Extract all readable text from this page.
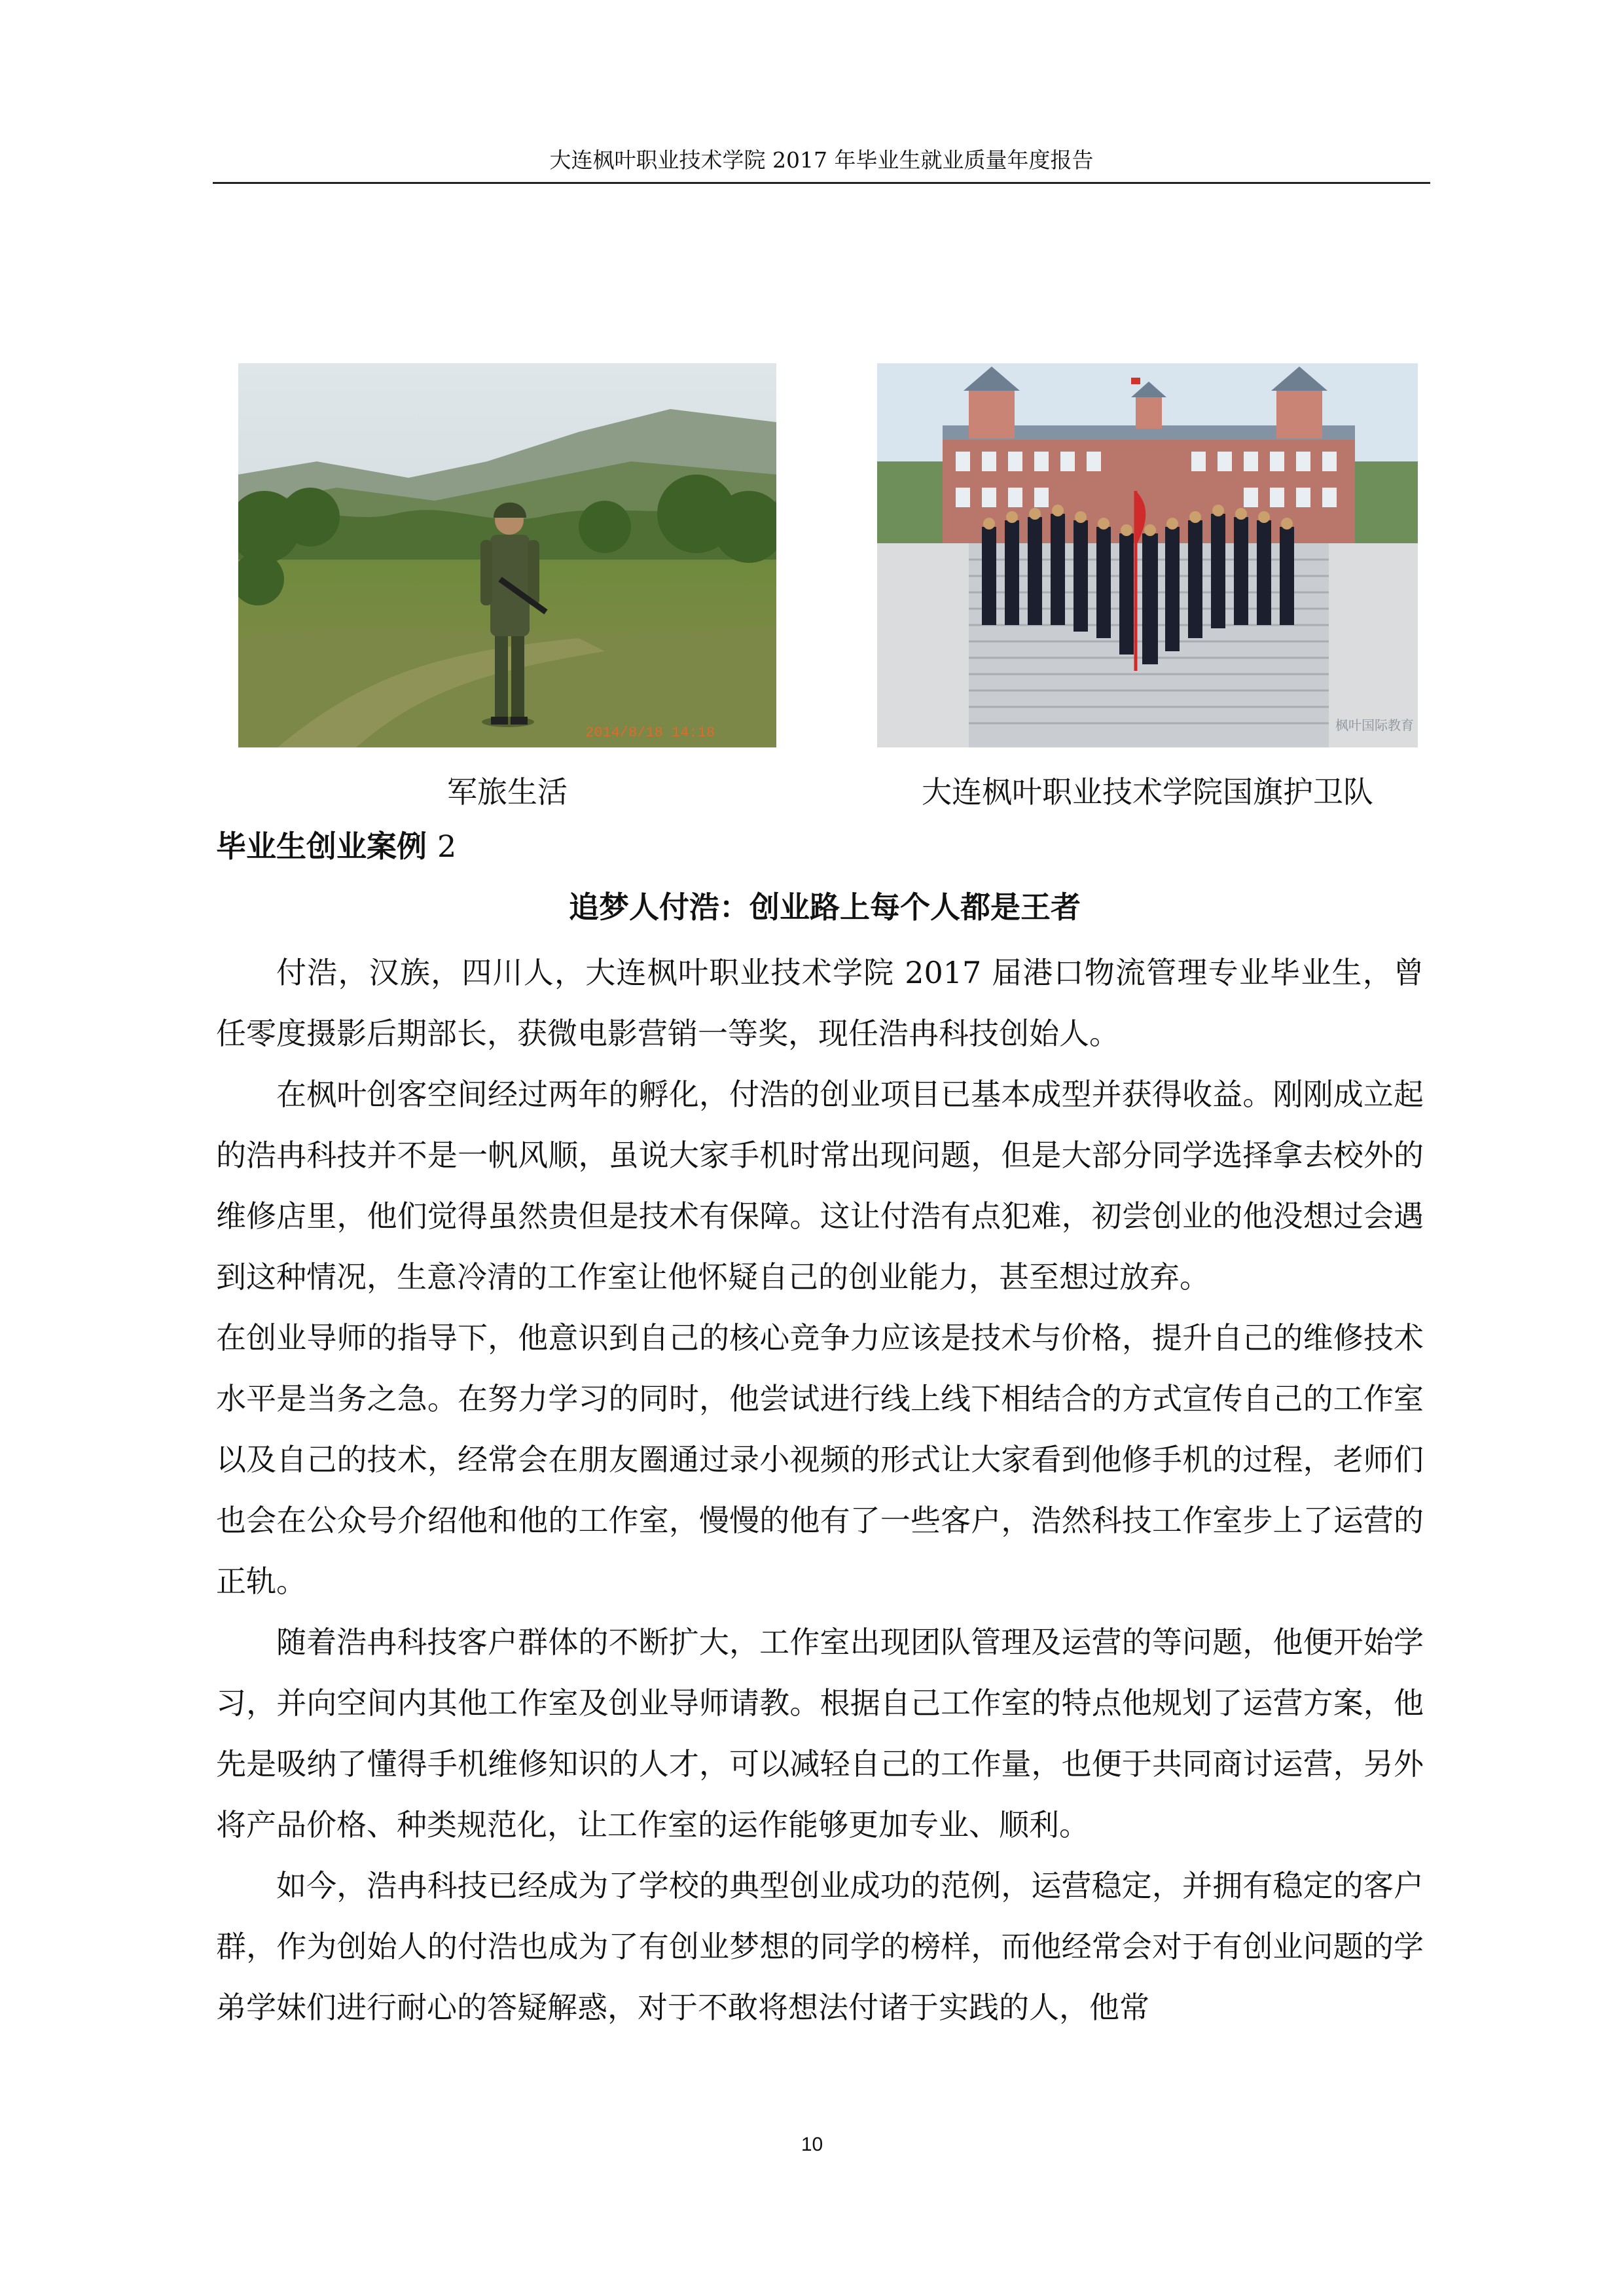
大连枫叶职业技术学院 2017 年毕业生就业质量年度报告
2014/8/18 14:18	枫叶国际教育
军旅生活	大连枫叶职业技术学院国旗护卫队
毕业生创业案例 2
追梦人付浩：创业路上每个人都是王者

付浩，汉族，四川人，大连枫叶职业技术学院 2017 届港口物流管理专业毕业生，曾任零度摄影后期部长，获微电影营销一等奖，现任浩冉科技创始人。

在枫叶创客空间经过两年的孵化，付浩的创业项目已基本成型并获得收益。刚刚成立起的浩冉科技并不是一帆风顺，虽说大家手机时常出现问题，但是大部分同学选择拿去校外的维修店里，他们觉得虽然贵但是技术有保障。这让付浩有点犯难，初尝创业的他没想过会遇到这种情况，生意冷清的工作室让他怀疑自己的创业能力，甚至想过放弃。

在创业导师的指导下，他意识到自己的核心竞争力应该是技术与价格，提升自己的维修技术水平是当务之急。在努力学习的同时，他尝试进行线上线下相结合的方式宣传自己的工作室以及自己的技术，经常会在朋友圈通过录小视频的形式让大家看到他修手机的过程，老师们也会在公众号介绍他和他的工作室，慢慢的他有了一些客户，浩然科技工作室步上了运营的正轨。

随着浩冉科技客户群体的不断扩大，工作室出现团队管理及运营的等问题，他便开始学习，并向空间内其他工作室及创业导师请教。根据自己工作室的特点他规划了运营方案，他先是吸纳了懂得手机维修知识的人才，可以减轻自己的工作量，也便于共同商讨运营，另外将产品价格、种类规范化，让工作室的运作能够更加专业、顺利。

如今，浩冉科技已经成为了学校的典型创业成功的范例，运营稳定，并拥有稳定的客户群，作为创始人的付浩也成为了有创业梦想的同学的榜样，而他经常会对于有创业问题的学弟学妹们进行耐心的答疑解惑，对于不敢将想法付诸于实践的人，他常

10
